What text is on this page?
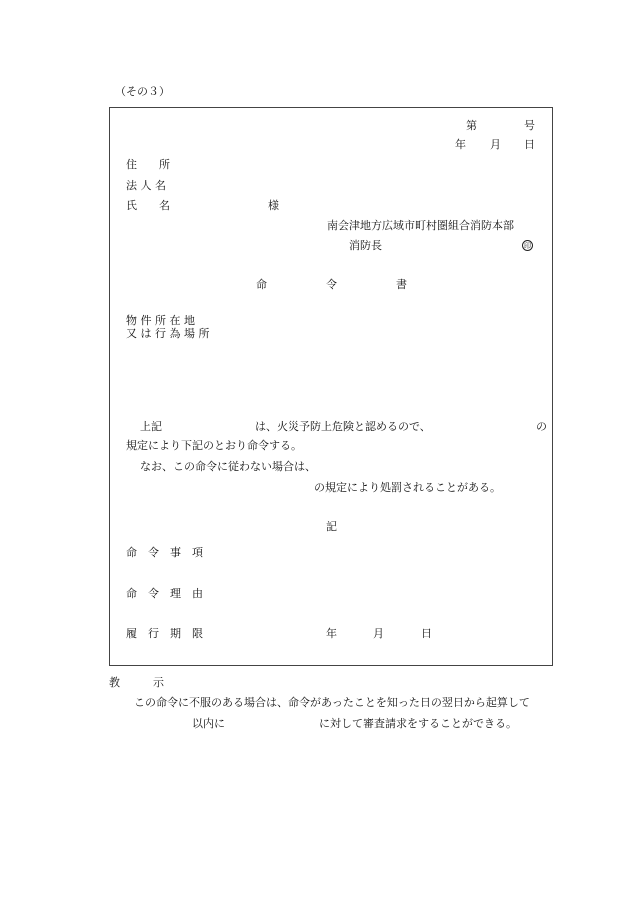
（その３）
第	号
年 月 日
住　　所
法 人 名
氏　　名	様
南会津地方広域市町村圏組合消防本部
消防長	印
命	令	書
物 件 所 在 地
又 は 行 為 場 所
上記	は、火災予防上危険と認めるので、	の
規定により下記のとおり命令する。
なお、この命令に従わない場合は、
の規定により処罰されることがある。
記
命　令　事　項
命　令　理　由
履　行　期　限	年	月	日
教　　　示
この命令に不服のある場合は、命令があったことを知った日の翌日から起算して
以内に	に対して審査請求をすることができる。
